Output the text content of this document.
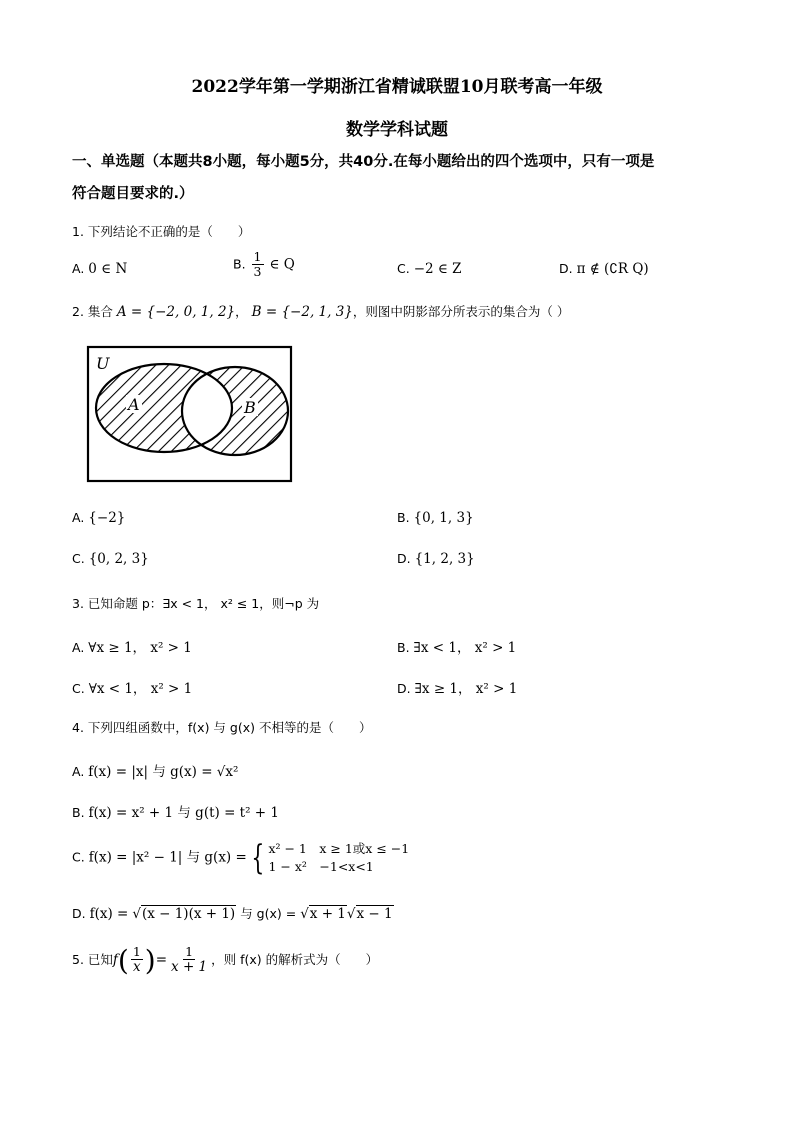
2022学年第一学期浙江省精诚联盟10月联考高一年级
数学学科试题
一、单选题（本题共8小题，每小题5分，共40分.在每小题给出的四个选项中，只有一项是
符合题目要求的.）
1. 下列结论不正确的是（　　）
A. 0 ∈ N	B. $\frac{1}{3}$ ∈ Q	C. −2 ∈ Z	D. π ∉ (∁R Q)
2. 集合 A = {−2, 0, 1, 2}， B = {−2, 1, 3}，则图中阴影部分所表示的集合为（ ）
U
A	B
A. {−2}	B. {0, 1, 3}
C. {0, 2, 3}	D. {1, 2, 3}
3. 已知命题 p：∃x < 1， x² ≤ 1，则¬p 为
A. ∀x ≥ 1， x² > 1	B. ∃x < 1， x² > 1
C. ∀x < 1， x² > 1	D. ∃x ≥ 1， x² > 1
4. 下列四组函数中，f(x) 与 g(x) 不相等的是（　　）
A. f(x) = |x| 与 g(x) = √x²
B. f(x) = x² + 1 与 g(t) = t² + 1
C. f(x) = |x² − 1| 与 g(x) = { x² − 1　x ≥ 1或x ≤ −1
1 − x²　−1<x<1
D. f(x) = √(x − 1)(x + 1) 与 g(x) = √x + 1√x − 1
5. 已知$f( \frac{1}{x}$ )= $\frac{1}{x + 1}$ ，则 f(x) 的解析式为（　　）
